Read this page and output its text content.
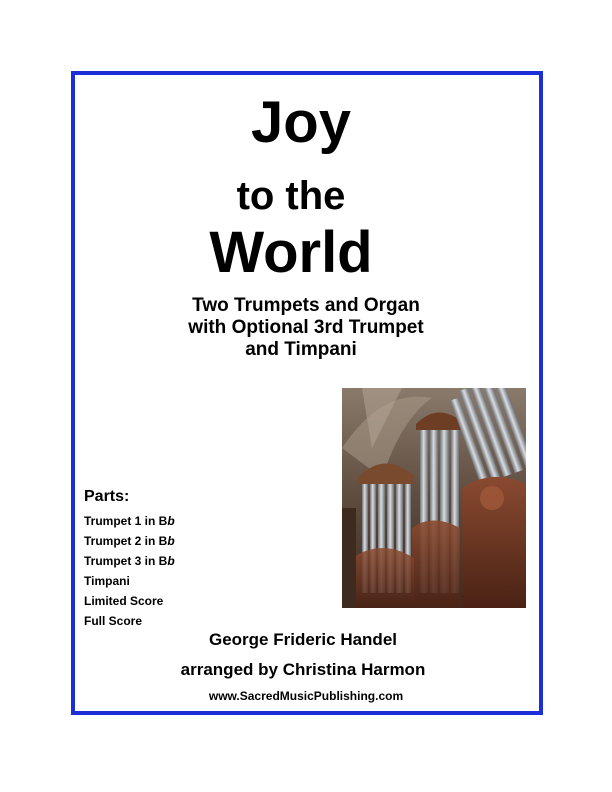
Joy
to the
World
Two Trumpets and Organ
with Optional 3rd Trumpet
and Timpani
Parts:
Trumpet 1 in Bb
Trumpet 2 in Bb
Trumpet 3 in Bb
Timpani
Limited Score
Full Score
George Frideric Handel
arranged by Christina Harmon
www.SacredMusicPublishing.com
